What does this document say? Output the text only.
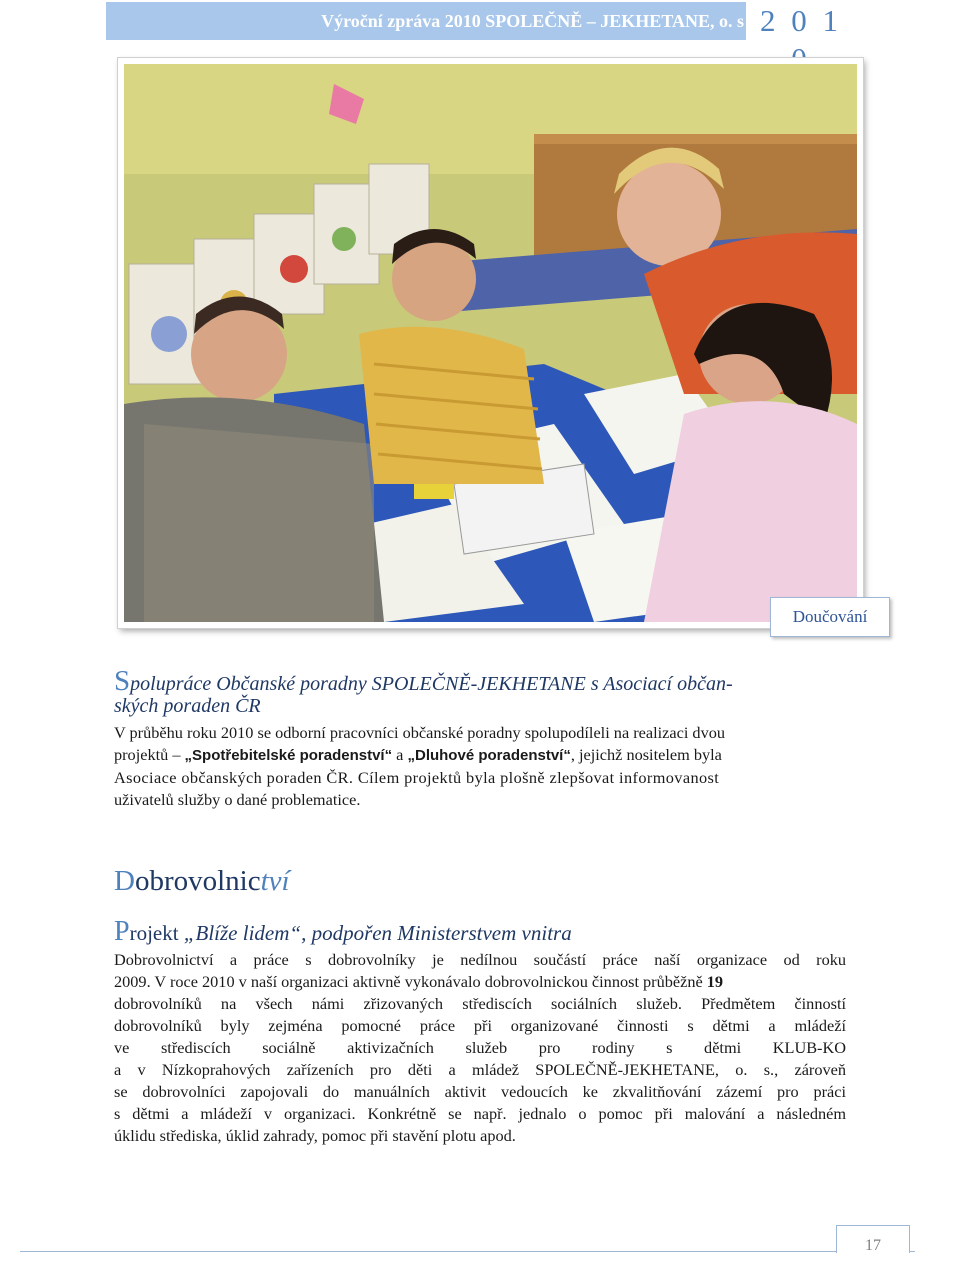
Výroční zpráva 2010 SPOLEČNĚ – JEKHETANE, o. s 2 0 1
Doučování
Spolupráce Občanské poradny SPOLEČNĚ-JEKHETANE s Asociací občan-
ských poraden ČR

V průběhu roku 2010 se odborní pracovníci občanské poradny spolupodíleli na realizaci dvou

projektů – „Spotřebitelské poradenství“ a „Dluhové poradenství“, jejichž nositelem byla

Asociace občanských poraden ČR. Cílem projektů byla plošně zlepšovat informovanost

uživatelů služby o dané problematice.

Dobrovolnictví
Projekt „Blíže lidem“, podpořen Ministerstvem vnitra

Dobrovolnictví a práce s dobrovolníky je nedílnou součástí práce naší organizace od roku

2009. V roce 2010 v naší organizaci aktivně vykonávalo dobrovolnickou činnost průběžně 19

dobrovolníků na všech námi zřizovaných střediscích sociálních služeb. Předmětem činností

dobrovolníků byly zejména pomocné práce při organizované činnosti s dětmi a mládeží

ve střediscích sociálně aktivizačních služeb pro rodiny s dětmi KLUB-KO

a v Nízkoprahových zařízeních pro děti a mládež SPOLEČNĚ-JEKHETANE, o. s., zároveň

se dobrovolníci zapojovali do manuálních aktivit vedoucích ke zkvalitňování zázemí pro práci

s dětmi a mládeží v organizaci. Konkrétně se např. jednalo o pomoc při malování a následném

úklidu střediska, úklid zahrady, pomoc při stavění plotu apod.

17
